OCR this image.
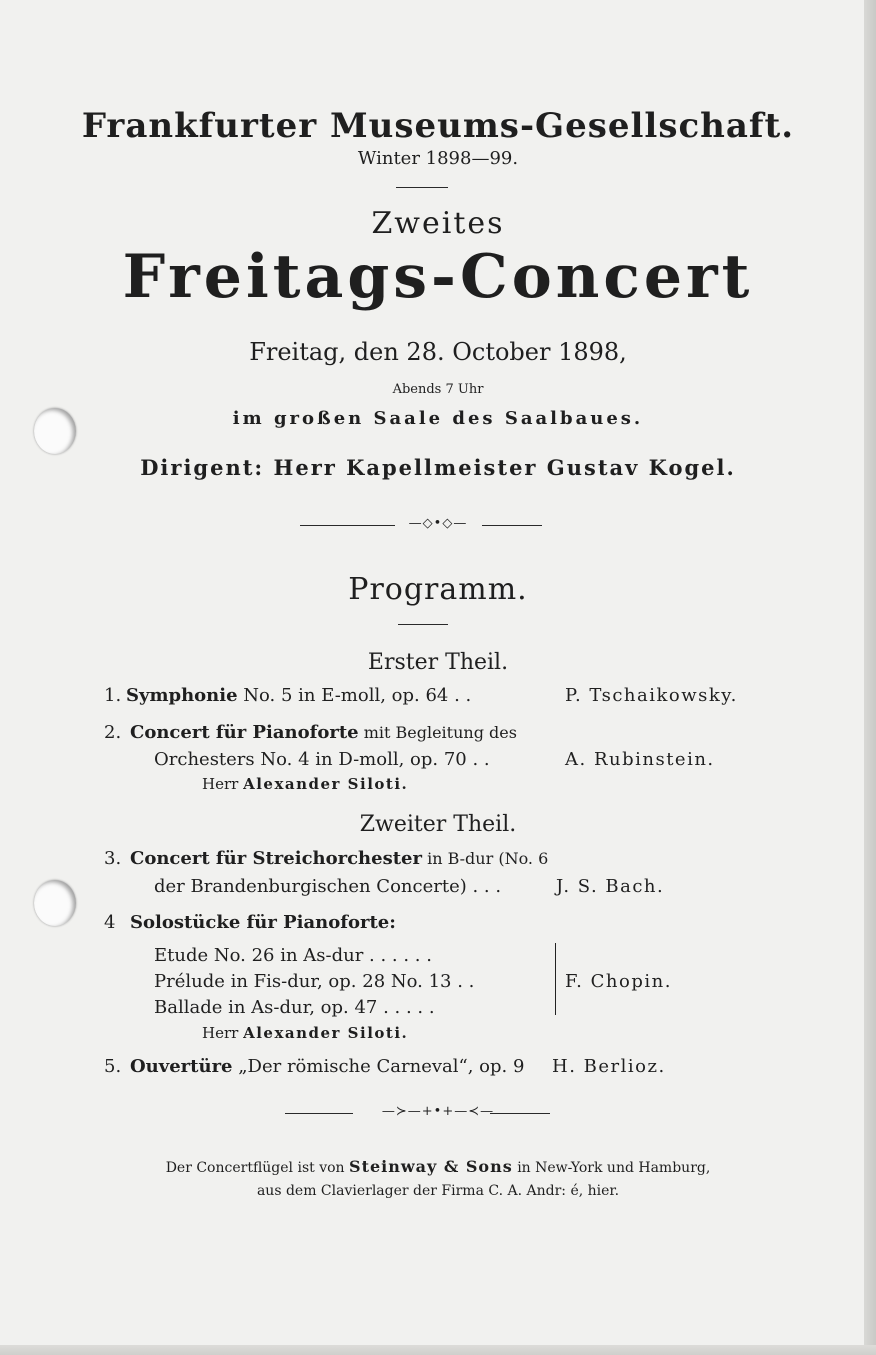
Frankfurter Museums-Gesellschaft.
Winter 1898—99.
Zweites
Freitags-Concert
Freitag, den 28. October 1898,
Abends 7 Uhr
im großen Saale des Saalbaues.
Dirigent: Herr Kapellmeister Gustav Kogel.
—◇•◇—
Programm.
Erster Theil.
1. Symphonie No. 5 in E-moll, op. 64 . .	P. Tschaikowsky.
2. Concert für Pianoforte mit Begleitung des
Orchesters No. 4 in D-moll, op. 70 . .	A. Rubinstein.
Herr Alexander Siloti.
Zweiter Theil.
3. Concert für Streichorchester in B-dur (No. 6
der Brandenburgischen Concerte) . . .	J. S. Bach.
4 Solostücke für Pianoforte:
Etude No. 26 in As-dur . . . . . .
Prélude in Fis-dur, op. 28 No. 13 . .
Ballade in As-dur, op. 47 . . . . .
F. Chopin.
Herr Alexander Siloti.
5. Ouvertüre „Der römische Carneval“, op. 9 H. Berlioz.
—≻—+•+—≺—
Der Concertflügel ist von Steinway & Sons in New-York und Hamburg,
aus dem Clavierlager der Firma C. A. Andr: é, hier.
